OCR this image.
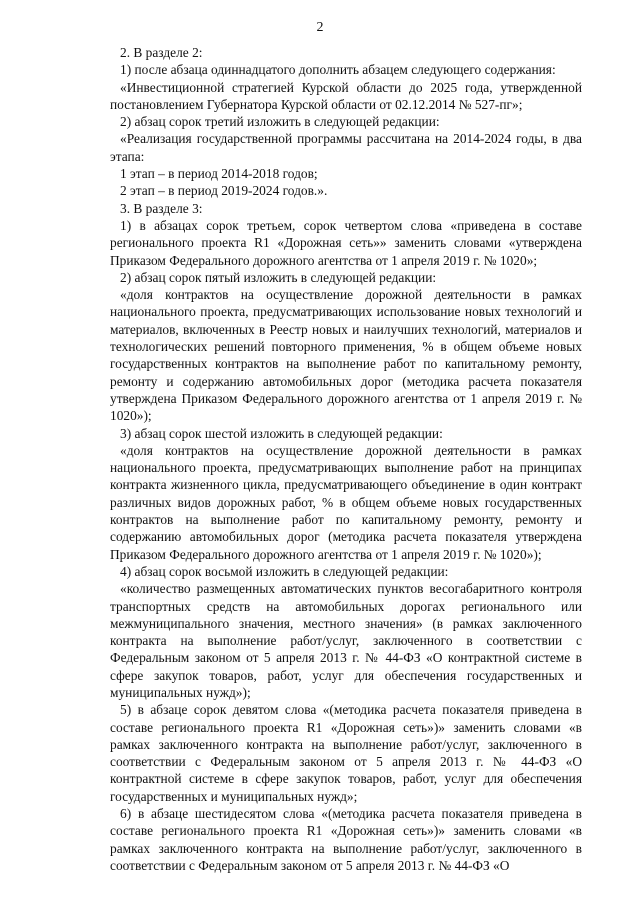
2

2. В разделе 2:

1) после абзаца одиннадцатого дополнить абзацем следующего содержания:

«Инвестиционной стратегией Курской области до 2025 года, утвержденной постановлением Губернатора Курской области от 02.12.2014 № 527-пг»;

2) абзац сорок третий изложить в следующей редакции:

«Реализация государственной программы рассчитана на 2014-2024 годы, в два этапа:

1 этап – в период 2014-2018 годов;

2 этап – в период 2019-2024 годов.».

3. В разделе 3:

1) в абзацах сорок третьем, сорок четвертом слова «приведена в составе регионального проекта R1 «Дорожная сеть»» заменить словами «утверждена Приказом Федерального дорожного агентства от 1 апреля 2019 г. № 1020»;

2) абзац сорок пятый изложить в следующей редакции:

«доля контрактов на осуществление дорожной деятельности в рамках национального проекта, предусматривающих использование новых технологий и материалов, включенных в Реестр новых и наилучших технологий, материалов и технологических решений повторного применения, % в общем объеме новых государственных контрактов на выполнение работ по капитальному ремонту, ремонту и содержанию автомобильных дорог (методика расчета показателя утверждена Приказом Федерального дорожного агентства от 1 апреля 2019 г. № 1020»);

3) абзац сорок шестой изложить в следующей редакции:

«доля контрактов на осуществление дорожной деятельности в рамках национального проекта, предусматривающих выполнение работ на принципах контракта жизненного цикла, предусматривающего объединение в один контракт различных видов дорожных работ, % в общем объеме новых государственных контрактов на выполнение работ по капитальному ремонту, ремонту и содержанию автомобильных дорог (методика расчета показателя утверждена Приказом Федерального дорожного агентства от 1 апреля 2019 г. № 1020»);

4) абзац сорок восьмой изложить в следующей редакции:

«количество размещенных автоматических пунктов весогабаритного контроля транспортных средств на автомобильных дорогах регионального или межмуниципального значения, местного значения» (в рамках заключенного контракта на выполнение работ/услуг, заключенного в соответствии с Федеральным законом от 5 апреля 2013 г. № 44-ФЗ «О контрактной системе в сфере закупок товаров, работ, услуг для обеспечения государственных и муниципальных нужд»);

5) в абзаце сорок девятом слова «(методика расчета показателя приведена в составе регионального проекта R1 «Дорожная сеть»)» заменить словами «в рамках заключенного контракта на выполнение работ/услуг, заключенного в соответствии с Федеральным законом от 5 апреля 2013 г. № 44-ФЗ «О контрактной системе в сфере закупок товаров, работ, услуг для обеспечения государственных и муниципальных нужд»;

6) в абзаце шестидесятом слова «(методика расчета показателя приведена в составе регионального проекта R1 «Дорожная сеть»)» заменить словами «в рамках заключенного контракта на выполнение работ/услуг, заключенного в соответствии с Федеральным законом от 5 апреля 2013 г. № 44-ФЗ «О
